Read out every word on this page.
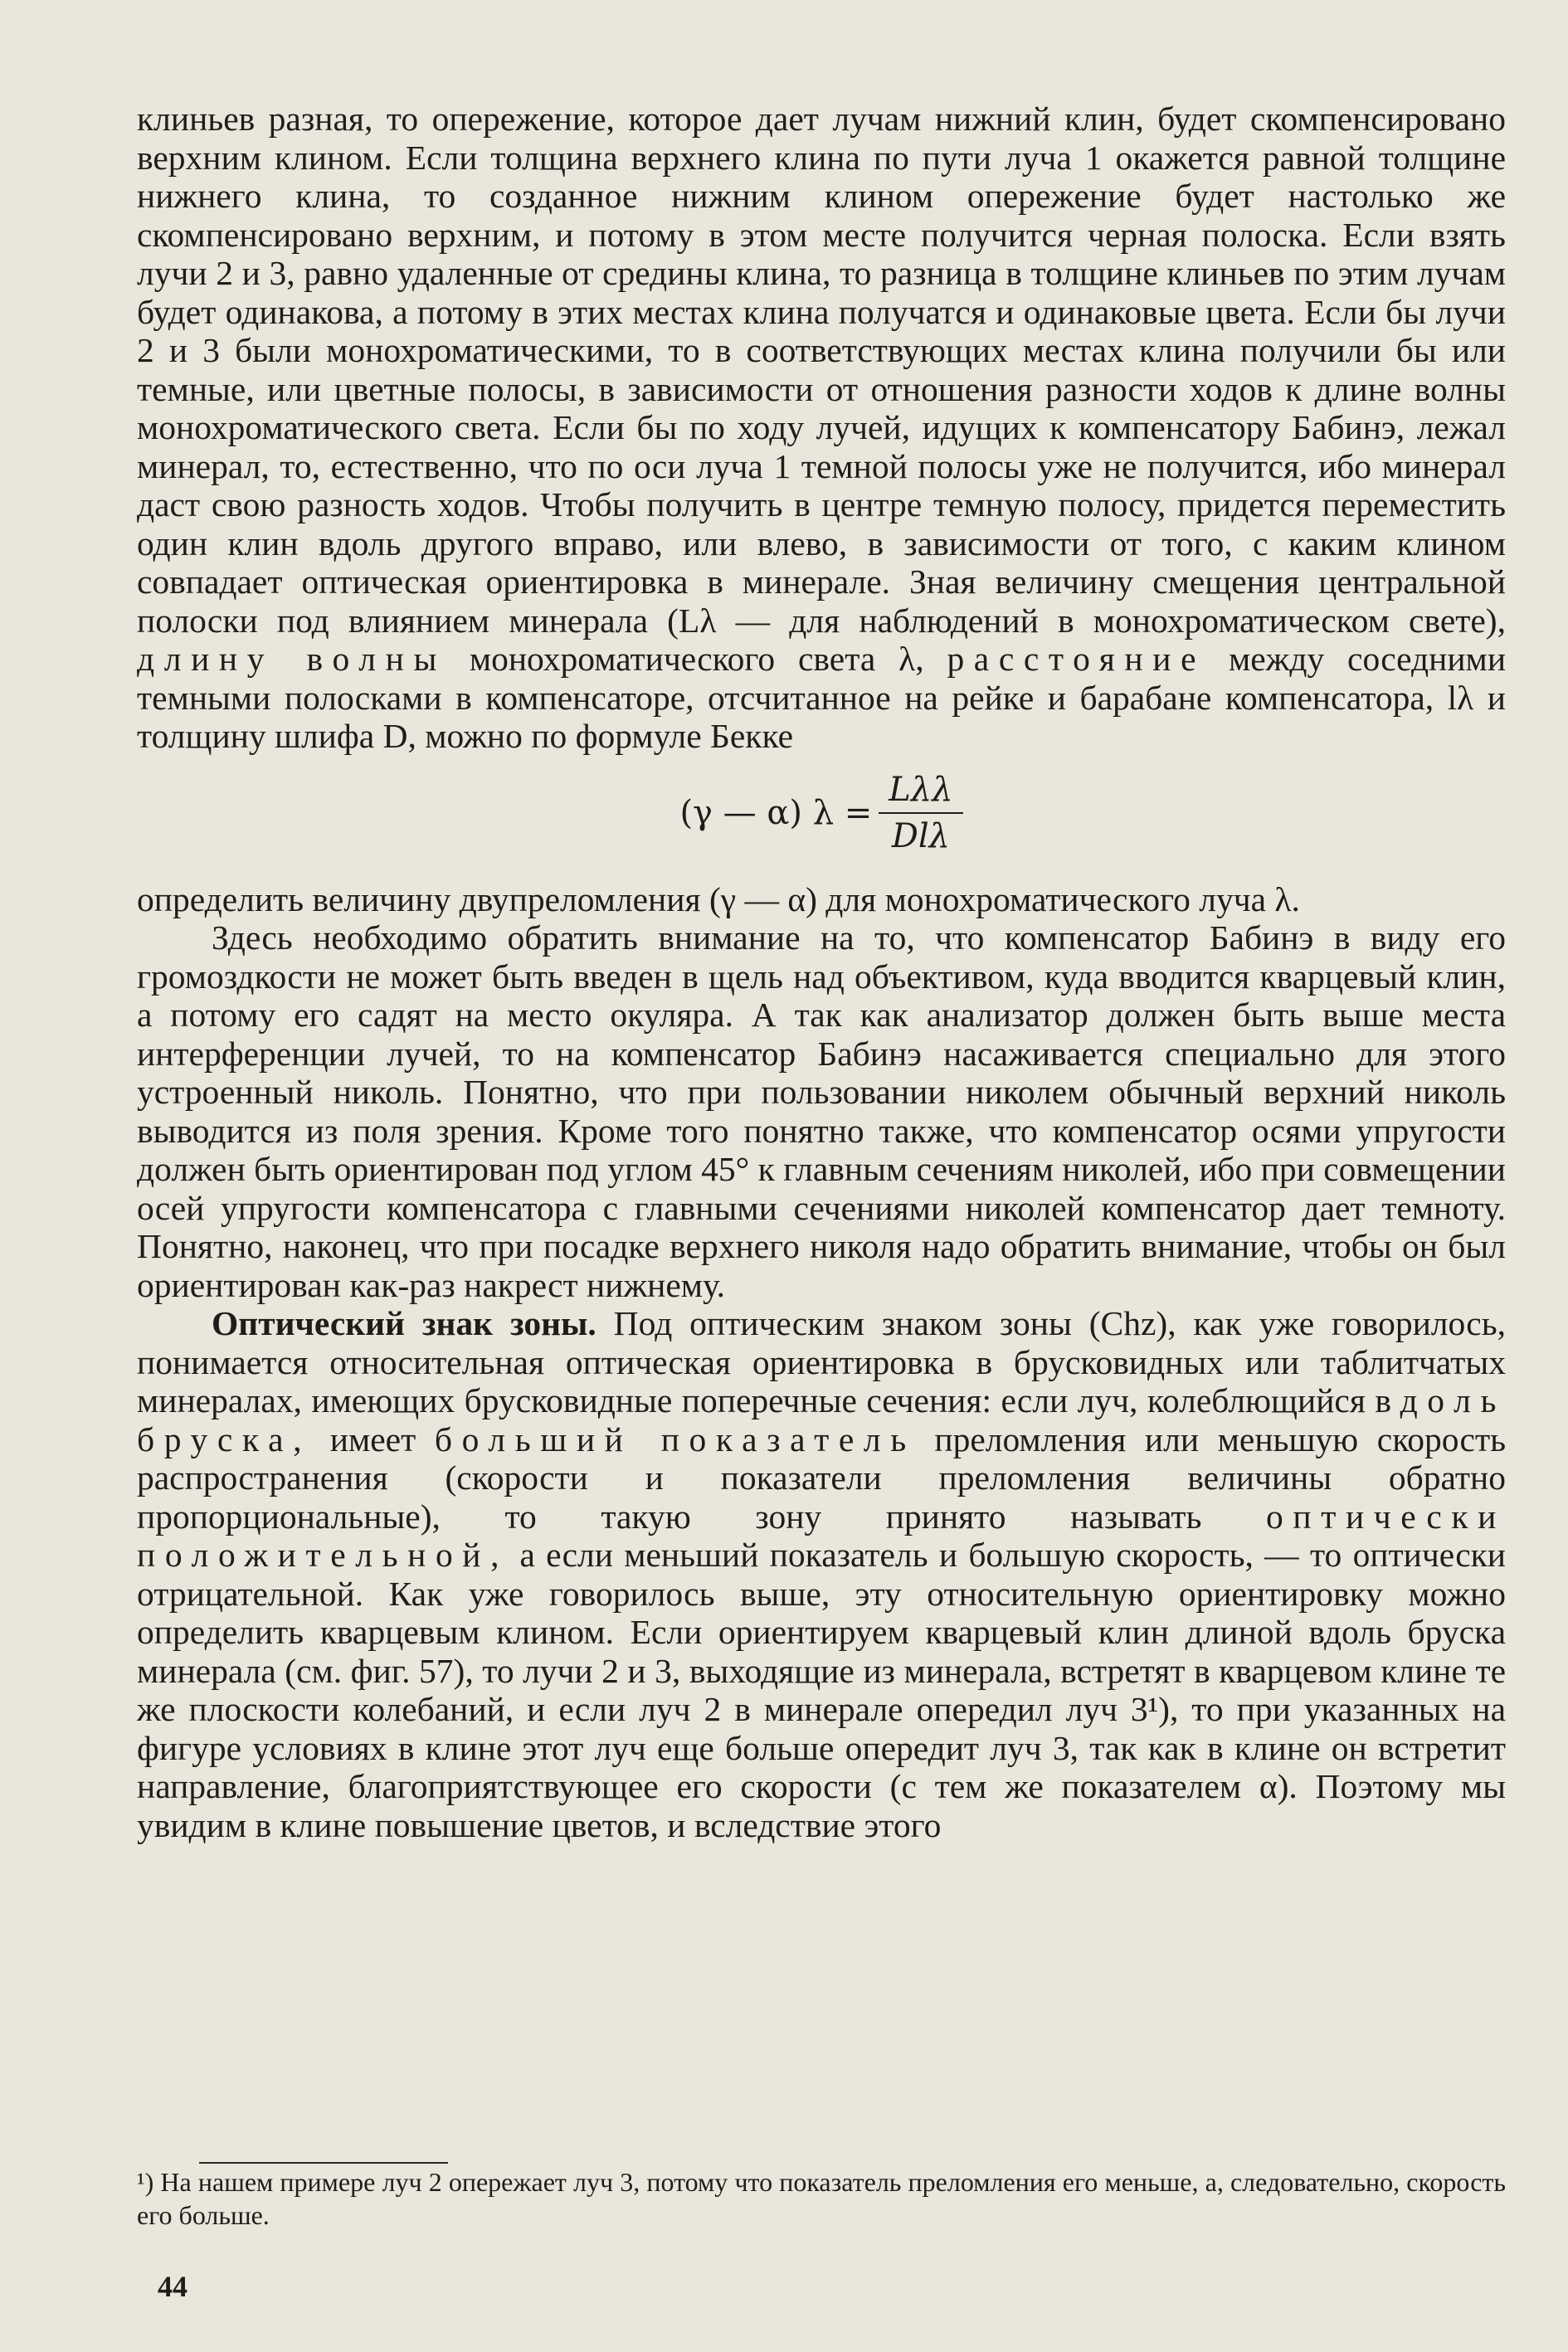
клиньев разная, то опережение, которое дает лучам нижний клин, будет скомпенсировано верхним клином. Если толщина верхнего клина по пути луча 1 окажется равной толщине нижнего клина, то созданное нижним клином опережение будет настолько же скомпенсировано верхним, и потому в этом месте получится черная полоска. Если взять лучи 2 и 3, равно удаленные от средины клина, то разница в толщине клиньев по этим лучам будет одинакова, а потому в этих местах клина получатся и одинаковые цвета. Если бы лучи 2 и 3 были монохроматическими, то в соответствующих местах клина получили бы или темные, или цветные полосы, в зависимости от отношения разности ходов к длине волны монохроматического света. Если бы по ходу лучей, идущих к компенсатору Бабинэ, лежал минерал, то, естественно, что по оси луча 1 темной полосы уже не получится, ибо минерал даст свою разность ходов. Чтобы получить в центре темную полосу, придется переместить один клин вдоль другого вправо, или влево, в зависимости от того, с каким клином совпадает оптическая ориентировка в минерале. Зная величину смещения центральной полоски под влиянием минерала (Lλ — для наблюдений в монохроматическом свете), длину волны монохроматического света λ, расстояние между соседними темными полосками в компенсаторе, отсчитанное на рейке и барабане компенсатора, lλ и толщину шлифа D, можно по формуле Бекке

(γ — α) $\lambda = \frac{\text{Lλλ}}{\text{Dlλ}}$

определить величину двупреломления (γ — α) для монохроматического луча λ.

Здесь необходимо обратить внимание на то, что компенсатор Бабинэ в виду его громоздкости не может быть введен в щель над объективом, куда вводится кварцевый клин, а потому его садят на место окуляра. А так как анализатор должен быть выше места интерференции лучей, то на компенсатор Бабинэ насаживается специально для этого устроенный николь. Понятно, что при пользовании николем обычный верхний николь выводится из поля зрения. Кроме того понятно также, что компенсатор осями упругости должен быть ориентирован под углом 45° к главным сечениям николей, ибо при совмещении осей упругости компенсатора с главными сечениями николей компенсатор дает темноту. Понятно, наконец, что при посадке верхнего николя надо обратить внимание, чтобы он был ориентирован как-раз накрест нижнему.

Оптический знак зоны. Под оптическим знаком зоны (Chz), как уже говорилось, понимается относительная оптическая ориентировка в брусковидных или таблитчатых минералах, имеющих брусковидные поперечные сечения: если луч, колеблющийся вдоль бруска, имеет больший показатель преломления или меньшую скорость распространения (скорости и показатели преломления величины обратно пропорциональные), то такую зону принято называть оптически положительной, а если меньший показатель и большую скорость, — то оптически отрицательной. Как уже говорилось выше, эту относительную ориентировку можно определить кварцевым клином. Если ориентируем кварцевый клин длиной вдоль бруска минерала (см. фиг. 57), то лучи 2 и 3, выходящие из минерала, встретят в кварцевом клине те же плоскости колебаний, и если луч 2 в минерале опередил луч 3¹), то при указанных на фигуре условиях в клине этот луч еще больше опередит луч 3, так как в клине он встретит направление, благоприятствующее его скорости (с тем же показателем α). Поэтому мы увидим в клине повышение цветов, и вследствие этого

¹) На нашем примере луч 2 опережает луч 3, потому что показатель преломления его меньше, а, следовательно, скорость его больше.

44
